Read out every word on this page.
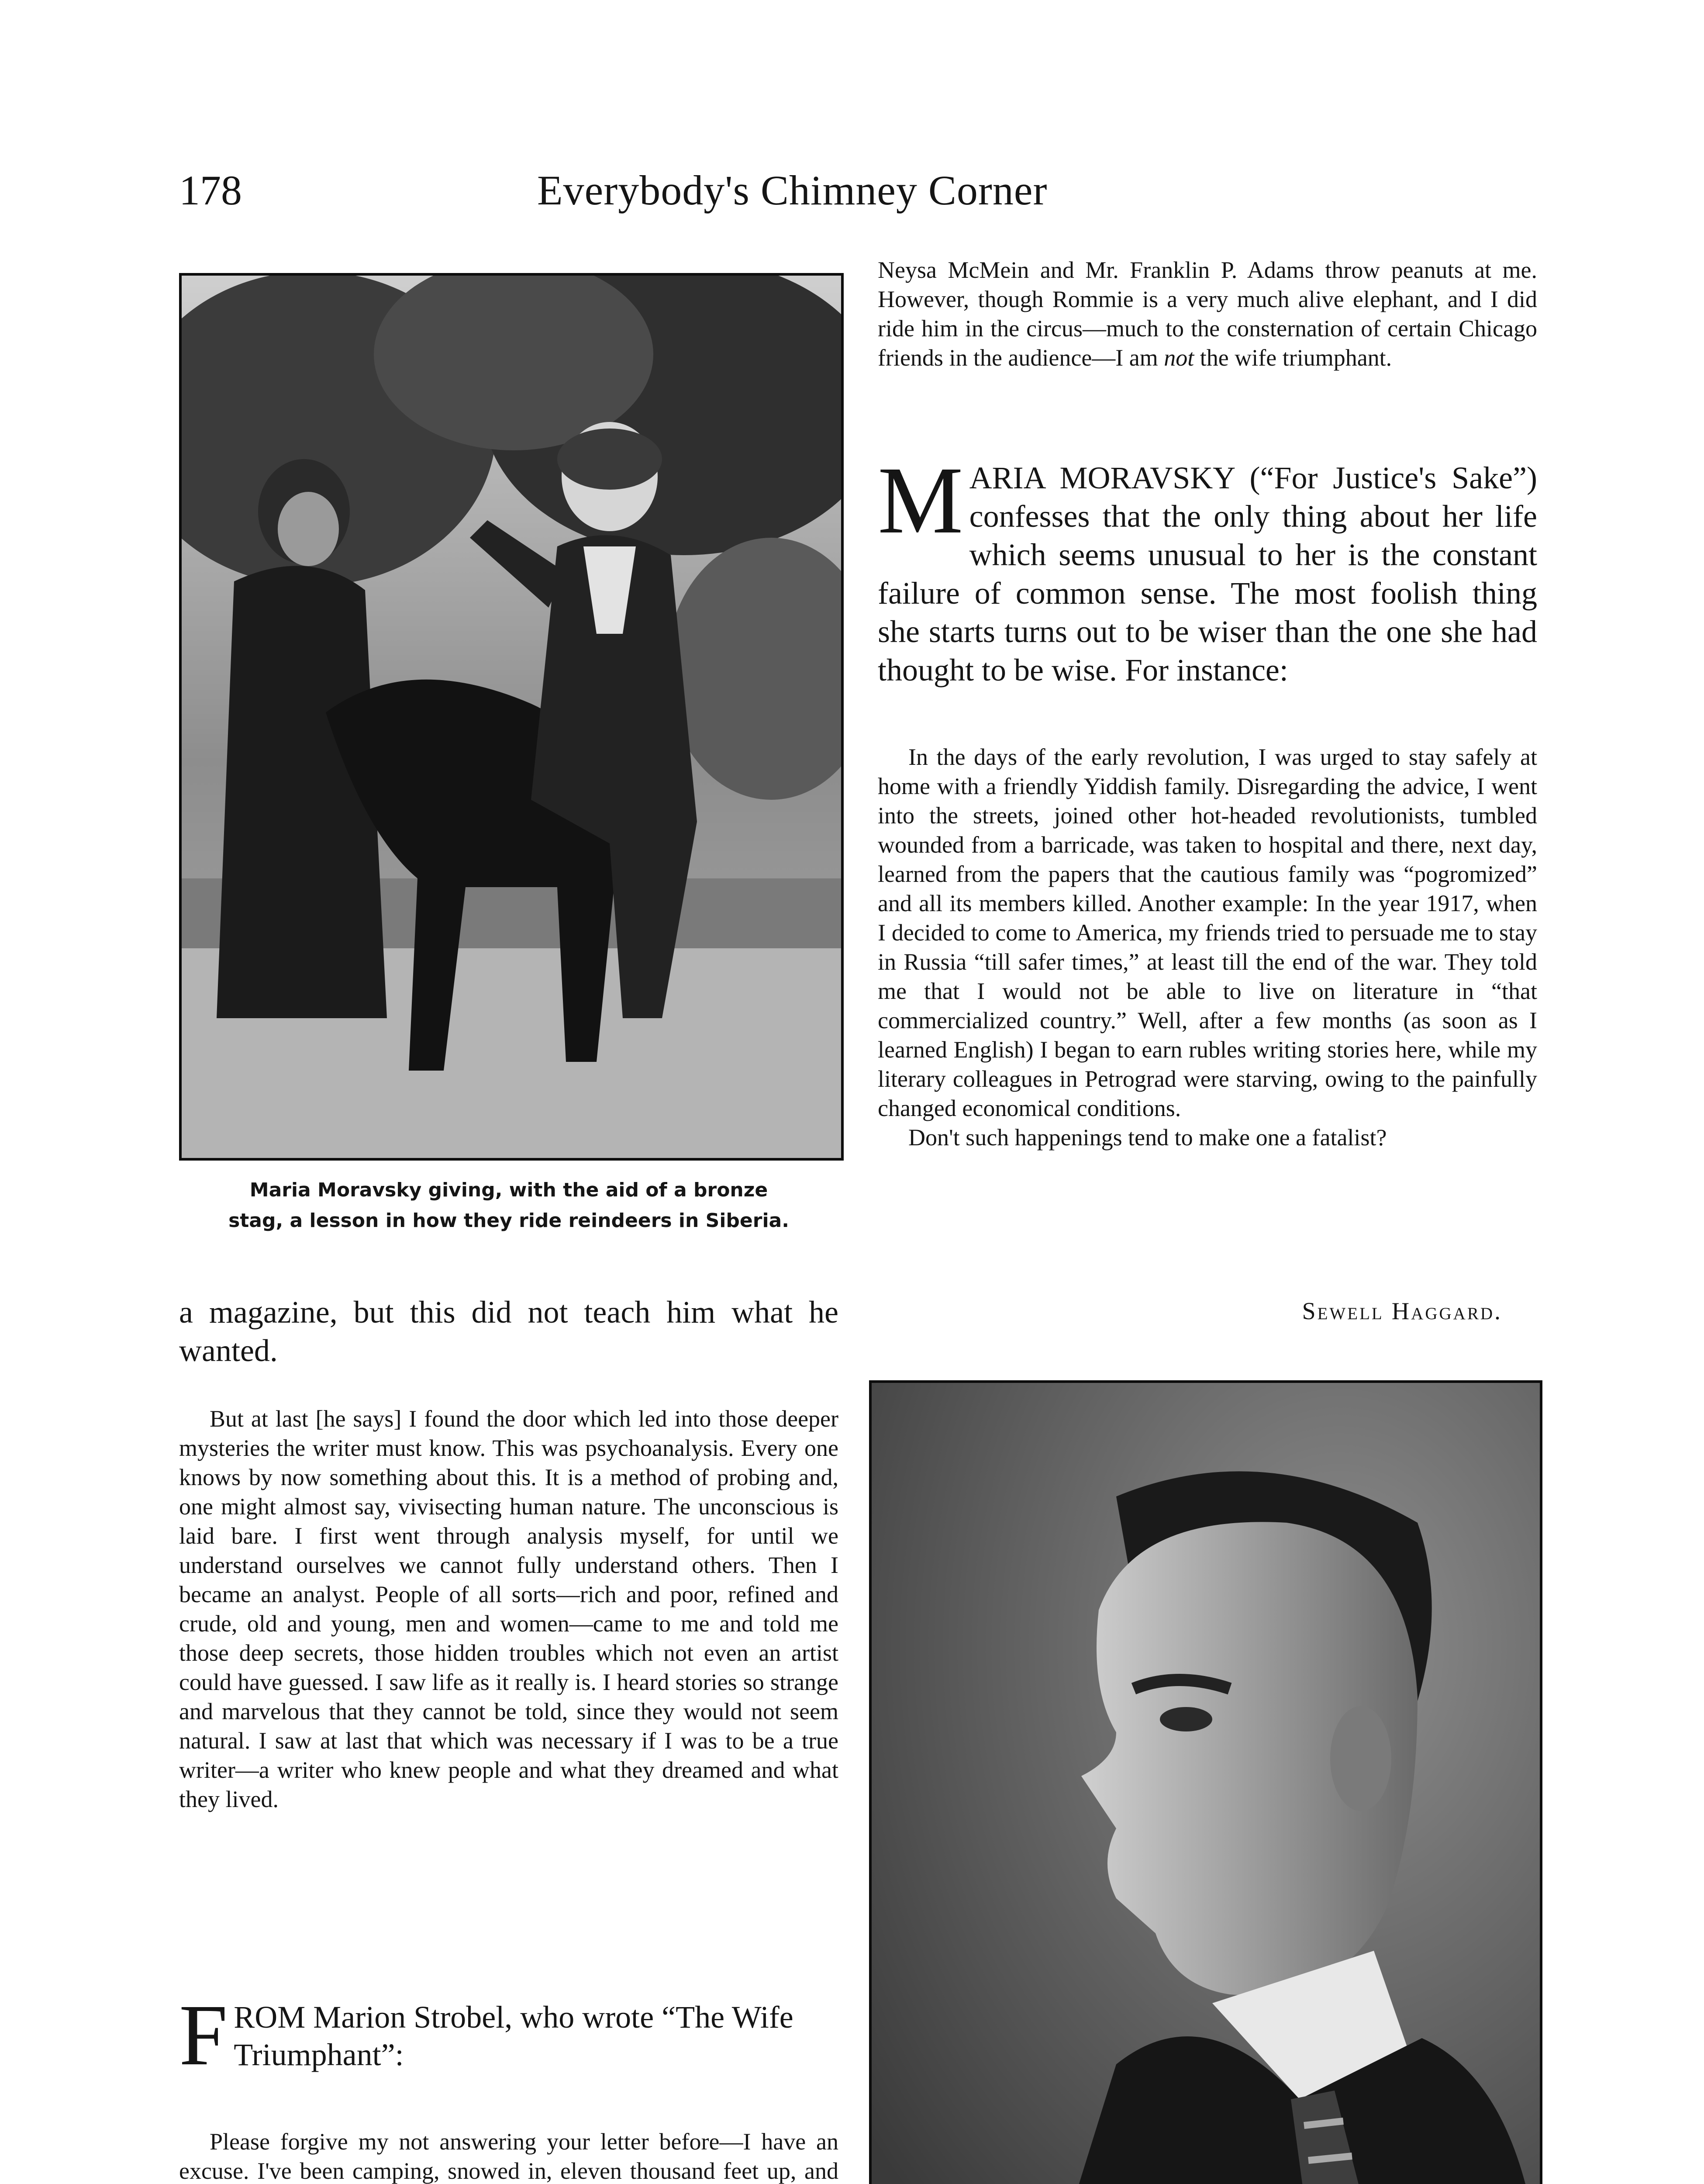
178	Everybody's Chimney Corner
Maria Moravsky giving, with the aid of a bronze
stag, a lesson in how they ride reindeers in Siberia.

a magazine, but this did not teach him what he wanted.

But at last [he says] I found the door which led into those deeper mysteries the writer must know. This was psychoanalysis. Every one knows by now something about this. It is a method of probing and, one might almost say, vivisecting human nature. The unconscious is laid bare. I first went through analysis myself, for until we understand ourselves we cannot fully understand others. Then I became an analyst. People of all sorts—rich and poor, refined and crude, old and young, men and women—came to me and told me those deep secrets, those hidden troubles which not even an artist could have guessed. I saw life as it really is. I heard stories so strange and marvelous that they cannot be told, since they would not seem natural. I saw at last that which was necessary if I was to be a true writer—a writer who knew people and what they dreamed and what they lived.

F ROM Marion Strobel, who wrote “The Wife Triumphant”:

Please forgive my not answering your letter before—I have an excuse. I've been camping, snowed in, eleven thousand feet up, and

Neysa McMein and Mr. Franklin P. Adams throw peanuts at me. However, though Rommie is a very much alive elephant, and I did ride him in the circus—much to the consternation of certain Chicago friends in the audience—I am not the wife triumphant.

M ARIA MORAVSKY (“For Justice's Sake”) confesses that the only thing about her life which seems unusual to her is the constant failure of common sense. The most foolish thing she starts turns out to be wiser than the one she had thought to be wise. For instance:

In the days of the early revolution, I was urged to stay safely at home with a friendly Yiddish family. Disregarding the advice, I went into the streets, joined other hot-headed revolutionists, tumbled wounded from a barricade, was taken to hospital and there, next day, learned from the papers that the cautious family was “pogromized” and all its members killed. Another example: In the year 1917, when I decided to come to America, my friends tried to persuade me to stay in Russia “till safer times,” at least till the end of the war. They told me that I would not be able to live on literature in “that commercialized country.” Well, after a few months (as soon as I learned English) I began to earn rubles writing stories here, while my literary colleagues in Petrograd were starving, owing to the painfully changed economical conditions.

Don't such happenings tend to make one a fatalist?

Sewell Haggard.
